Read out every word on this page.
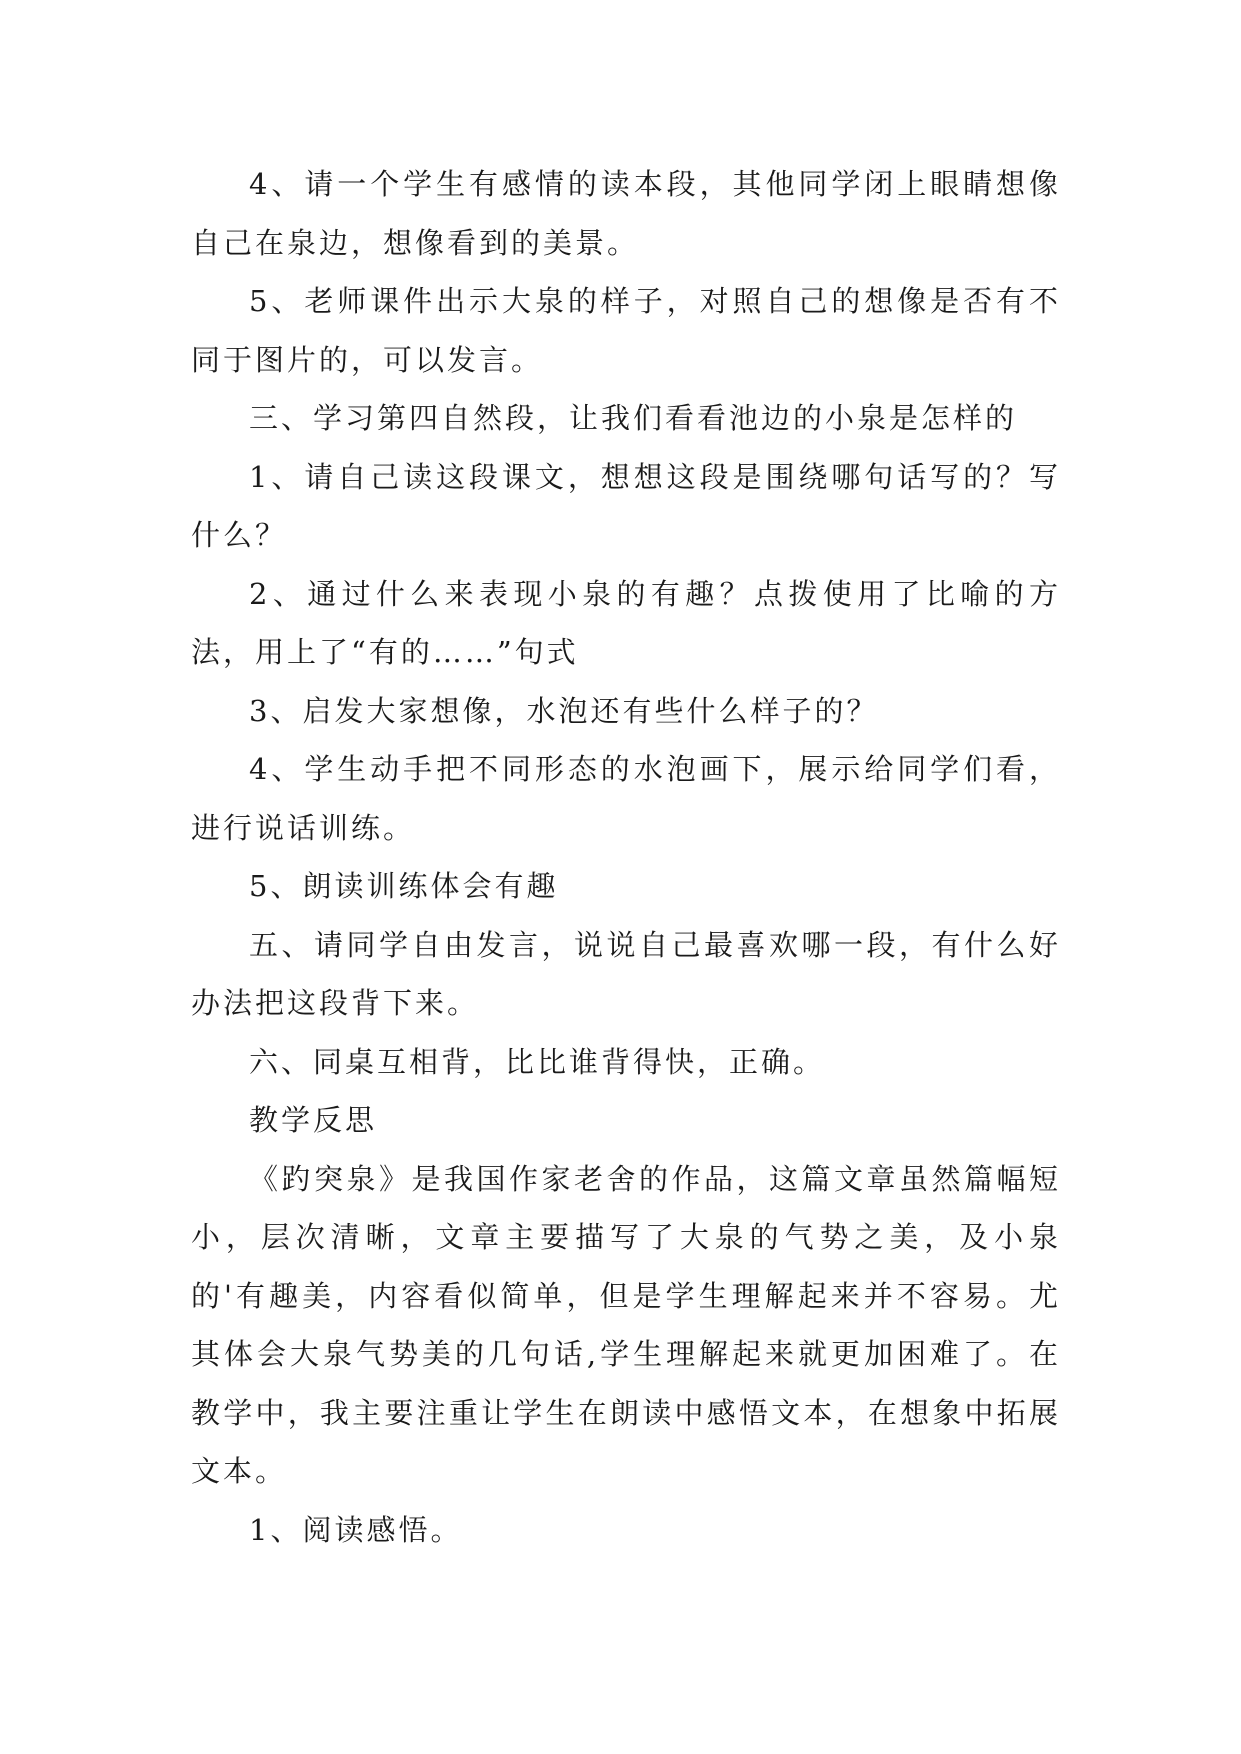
4、请一个学生有感情的读本段，其他同学闭上眼睛想像自己在泉边，想像看到的美景。

5、老师课件出示大泉的样子，对照自己的想像是否有不同于图片的，可以发言。

三、学习第四自然段，让我们看看池边的小泉是怎样的

1、请自己读这段课文，想想这段是围绕哪句话写的？写什么？

2、通过什么来表现小泉的有趣？点拨使用了比喻的方法，用上了“有的……”句式

3、启发大家想像，水泡还有些什么样子的？

4、学生动手把不同形态的水泡画下，展示给同学们看，进行说话训练。

5、朗读训练体会有趣

五、请同学自由发言，说说自己最喜欢哪一段，有什么好办法把这段背下来。

六、同桌互相背，比比谁背得快，正确。

教学反思

《趵突泉》是我国作家老舍的作品，这篇文章虽然篇幅短小，层次清晰，文章主要描写了大泉的气势之美，及小泉的'有趣美，内容看似简单，但是学生理解起来并不容易。尤其体会大泉气势美的几句话,学生理解起来就更加困难了。在教学中，我主要注重让学生在朗读中感悟文本，在想象中拓展文本。

1、阅读感悟。
